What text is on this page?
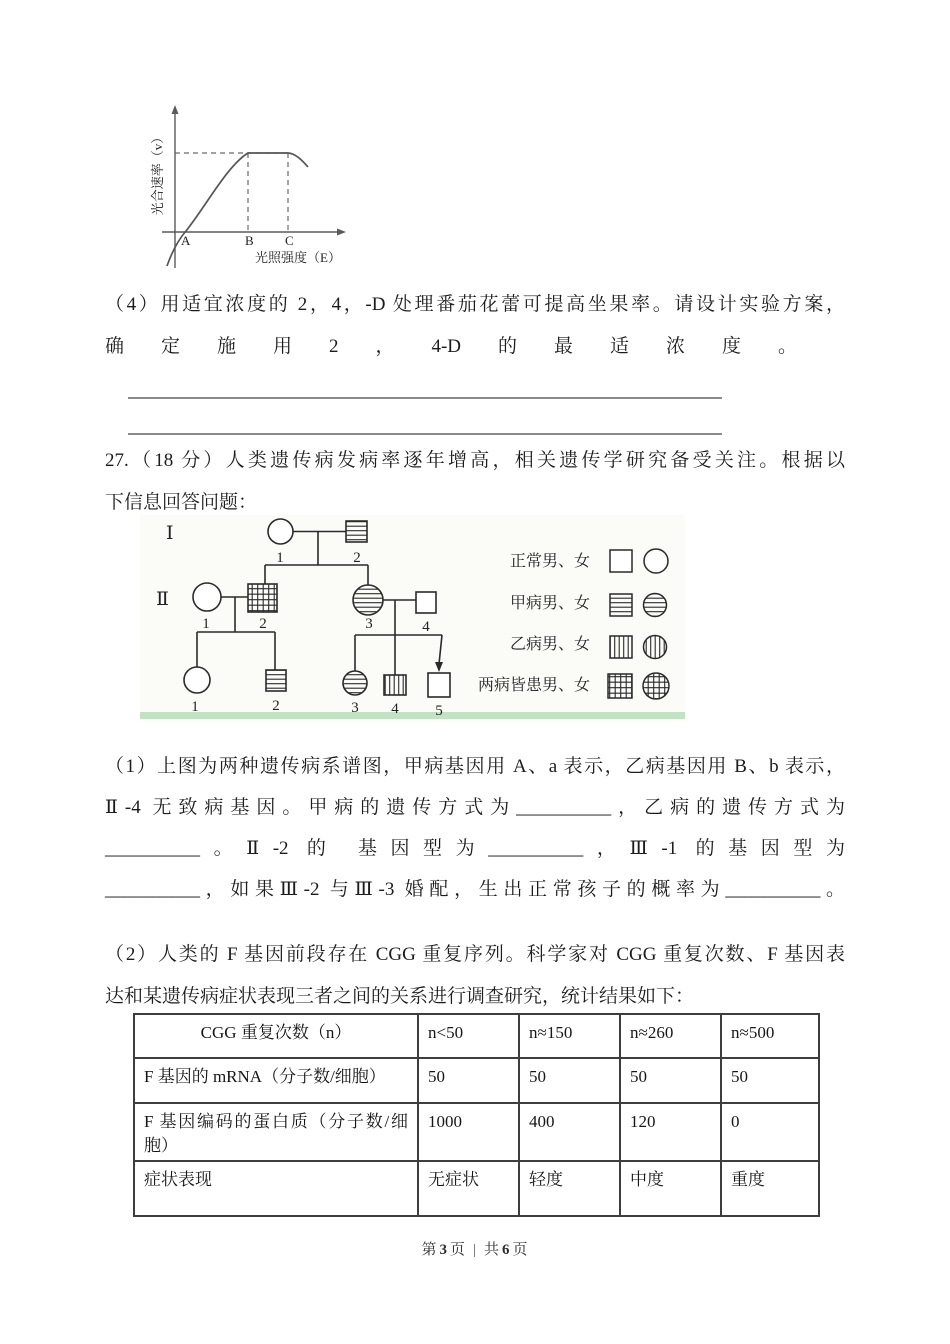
A	B C
光合速率（v）
光照强度（E）
（4）用适宜浓度的 2，4，-D 处理番茄花蕾可提高坐果率。请设计实验方案，
确定施用2，4-D的最适浓度。
27.（18 分）人类遗传病发病率逐年增高，相关遗传学研究备受关注。根据以
下信息回答问题：
Ⅰ
Ⅱ
1	2
1	2	3	4
1	2	3 4 5
正常男、女
甲病男、女
乙病男、女
两病皆患男、女
（1）上图为两种遗传病系谱图，甲病基因用 A、a 表示，乙病基因用 B、b 表示，
Ⅱ-4 无致病基因。甲病的遗传方式为__________，乙病的遗传方式为
__________。Ⅱ-2 的 基因型为__________，Ⅲ-1 的基因型为
__________，如果Ⅲ-2 与Ⅲ-3 婚配，生出正常孩子的概率为__________。
（2）人类的 F 基因前段存在 CGG 重复序列。科学家对 CGG 重复次数、F 基因表
达和某遗传病症状表现三者之间的关系进行调查研究，统计结果如下：
CGG 重复次数（n）	n<50	n≈150	n≈260	n≈500
F 基因的 mRNA（分子数/细胞）	50	50	50	50
F 基因编码的蛋白质（分子数/细胞）	1000	400	120	0
症状表现	无症状	轻度	中度	重度
第 3 页 | 共 6 页
